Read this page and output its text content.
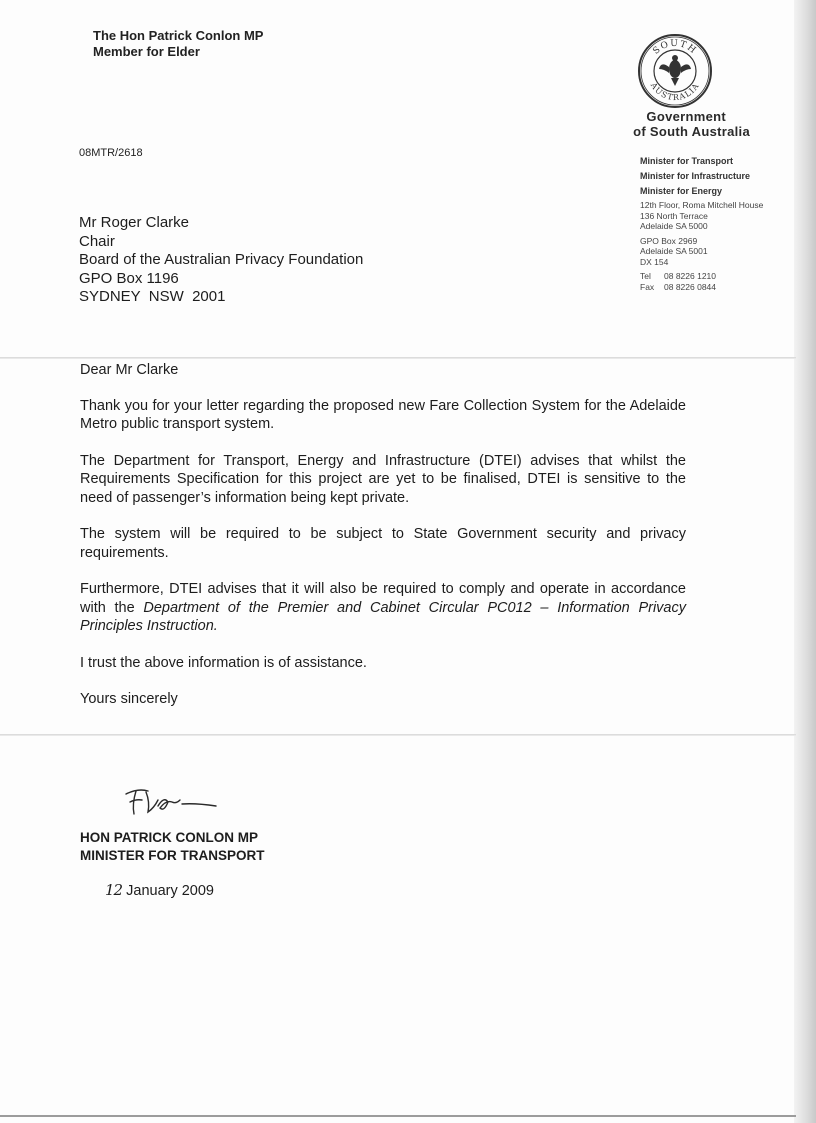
The Hon Patrick Conlon MP
Member for Elder
08MTR/2618
SOUTH
AUSTRALIA
Government
of South Australia
Minister for Transport
Minister for Infrastructure
Minister for Energy
12th Floor, Roma Mitchell House
136 North Terrace
Adelaide SA 5000
GPO Box 2969
Adelaide SA 5001
DX 154
Tel 08 8226 1210
Fax 08 8226 0844
Mr Roger Clarke
Chair
Board of the Australian Privacy Foundation
GPO Box 1196
SYDNEY  NSW  2001

Dear Mr Clarke

Thank you for your letter regarding the proposed new Fare Collection System for the Adelaide Metro public transport system.

The Department for Transport, Energy and Infrastructure (DTEI) advises that whilst the Requirements Specification for this project are yet to be finalised, DTEI is sensitive to the need of passenger’s information being kept private.

The system will be required to be subject to State Government security and privacy requirements.

Furthermore, DTEI advises that it will also be required to comply and operate in accordance with the Department of the Premier and Cabinet Circular PC012 – Information Privacy Principles Instruction.

I trust the above information is of assistance.

Yours sincerely

HON PATRICK CONLON MP
MINISTER FOR TRANSPORT
12 January 2009
